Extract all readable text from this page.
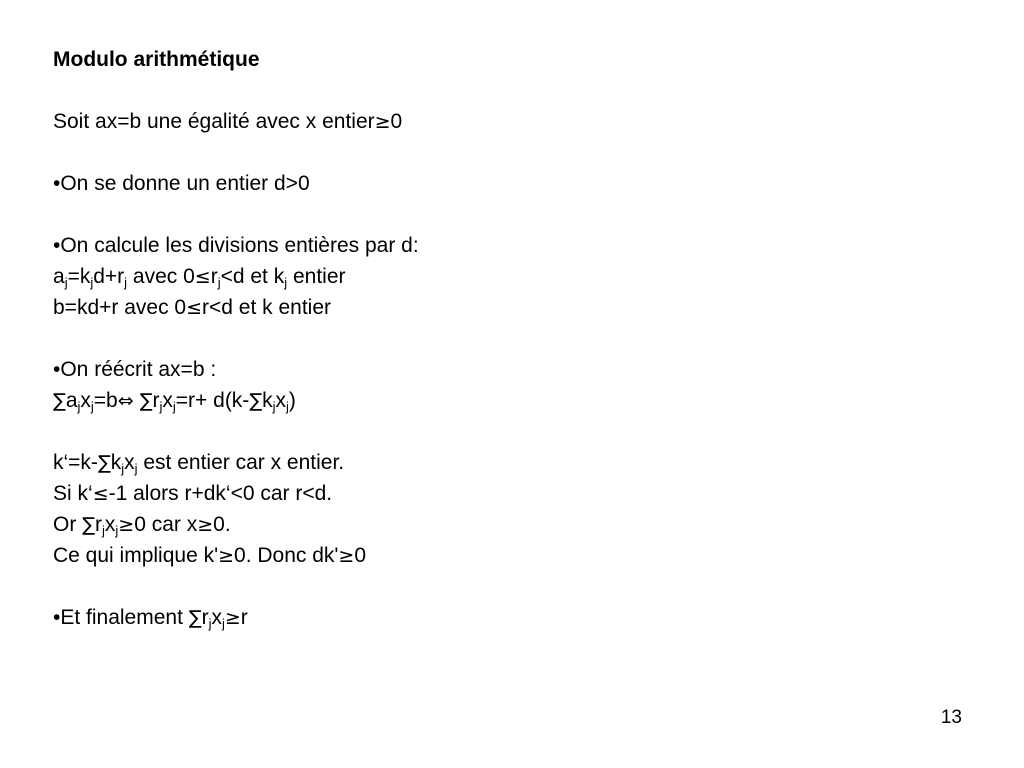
Modulo arithmétique

Soit ax=b une égalité avec x entier≥0

•On se donne un entier d>0

•On calcule les divisions entières par d:

$a_j=k_jd+r_j$ avec $0\le r_j<d$ et $k_j$ entier

b=kd+r avec 0≤r<d et k entier

•On réécrit ax=b :

$\sum a_jx_j=b\Leftrightarrow$ $\sum r_jx_j=r+ d(k-\sum k_jx_j)$

$k‘=k-\sum k_jx_j$ est entier car x entier.

Si k‘≤-1 alors r+dk‘<0 car r<d.

Or $\sum r_jx_j\ge 0$ car x≥0.

Ce qui implique k'≥0. Donc dk'≥0

•Et finalement $\sum r_jx_j\ge r$

13
